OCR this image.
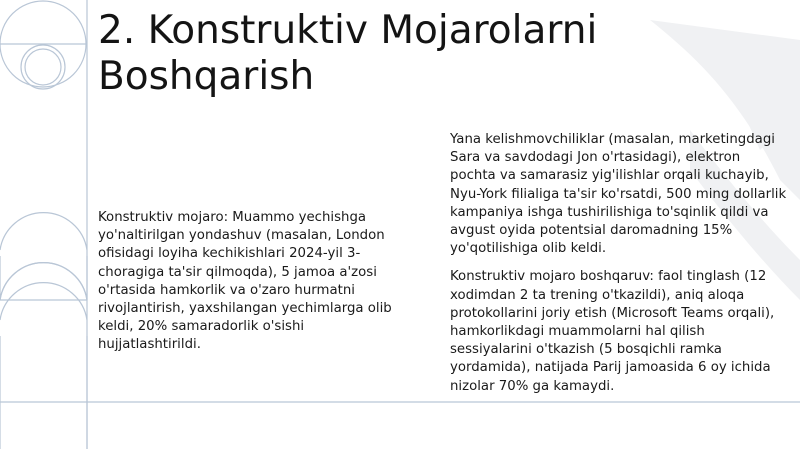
2. Konstruktiv Mojarolarni Boshqarish

Konstruktiv mojaro: Muammo yechishga yo'naltirilgan yondashuv (masalan, London ofisidagi loyiha kechikishlari 2024-yil 3-choragiga ta'sir qilmoqda), 5 jamoa a'zosi o'rtasida hamkorlik va o'zaro hurmatni rivojlantirish, yaxshilangan yechimlarga olib keldi, 20% samaradorlik o'sishi hujjatlashtirildi.

Yana kelishmovchiliklar (masalan, marketingdagi Sara va savdodagi Jon o'rtasidagi), elektron pochta va samarasiz yig'ilishlar orqali kuchayib, Nyu-York filialiga ta'sir ko'rsatdi, 500 ming dollarlik kampaniya ishga tushirilishiga to'sqinlik qildi va avgust oyida potentsial daromadning 15% yo'qotilishiga olib keldi.

Konstruktiv mojaro boshqaruv: faol tinglash (12 xodimdan 2 ta trening o'tkazildi), aniq aloqa protokollarini joriy etish (Microsoft Teams orqali), hamkorlikdagi muammolarni hal qilish sessiyalarini o'tkazish (5 bosqichli ramka yordamida), natijada Parij jamoasida 6 oy ichida nizolar 70% ga kamaydi.
